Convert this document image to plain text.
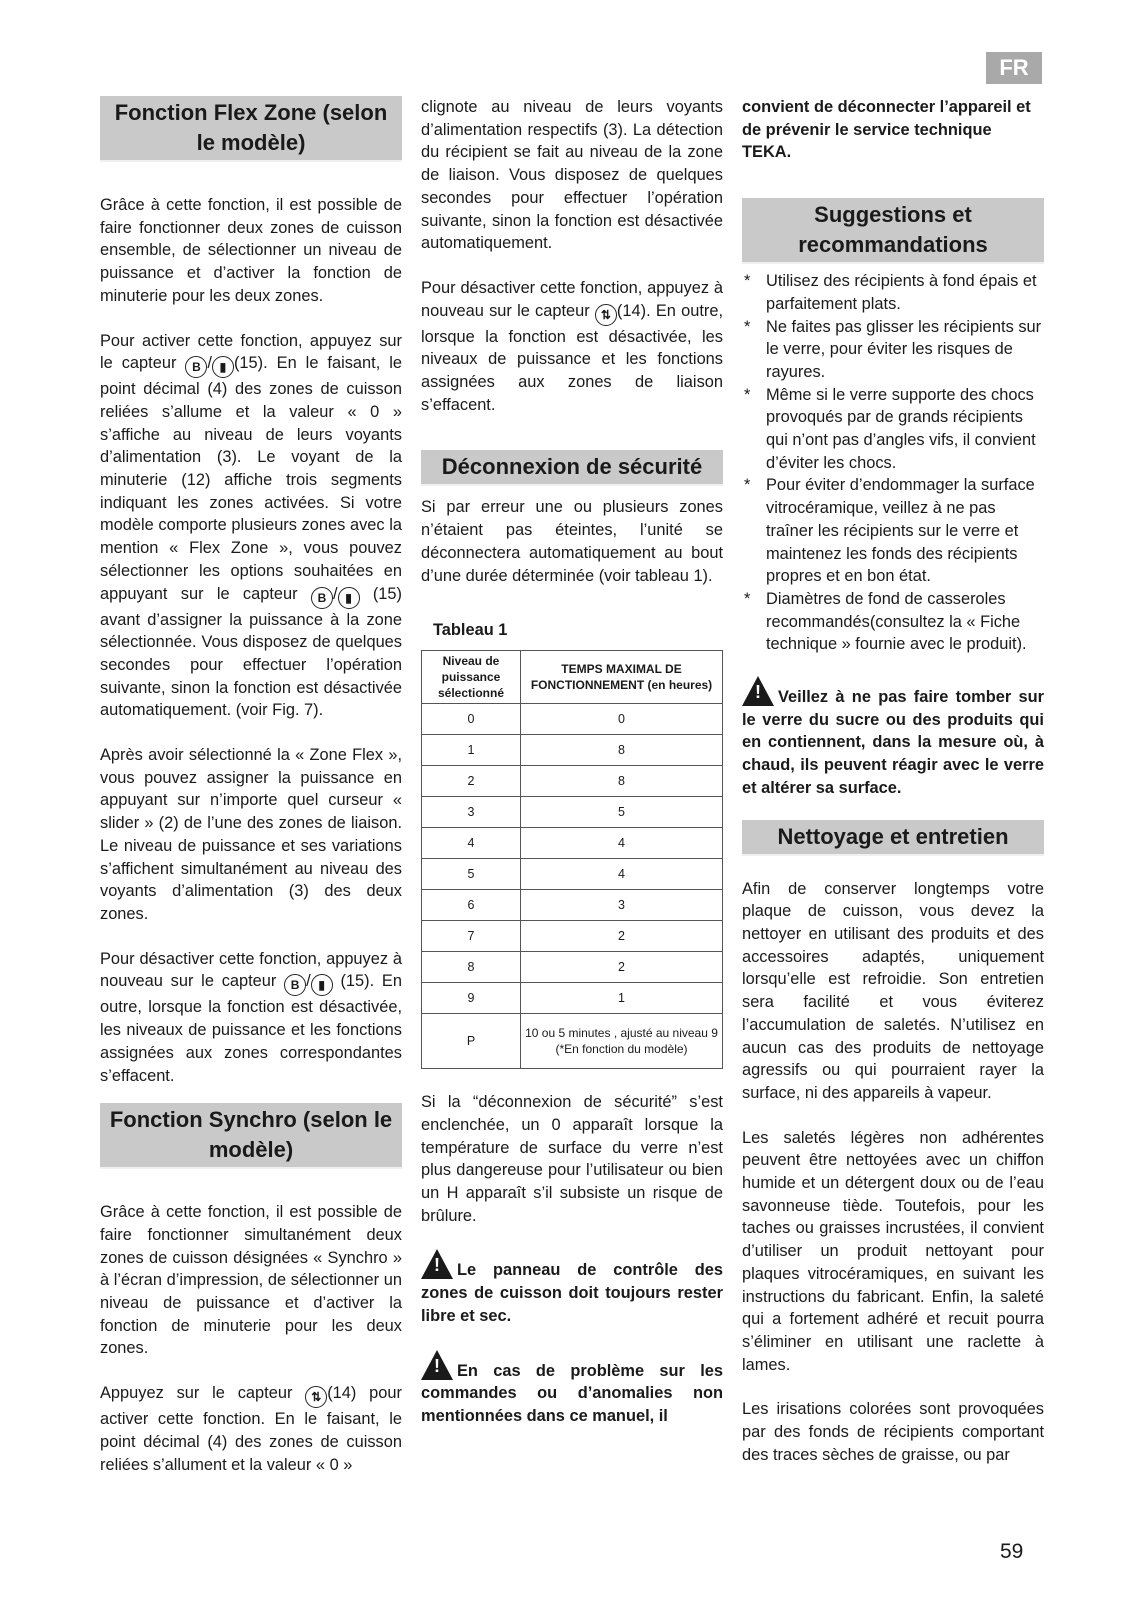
FR
Fonction Flex Zone (selon le modèle)

Grâce à cette fonction, il est possible de faire fonctionner deux zones de cuisson ensemble, de sélectionner un niveau de puissance et d’activer la fonction de minuterie pour les deux zones.

Pour activer cette fonction, appuyez sur le capteur B / ▮ (15). En le faisant, le point décimal (4) des zones de cuisson reliées s’allume et la valeur « 0 » s’affiche au niveau de leurs voyants d’alimentation (3). Le voyant de la minuterie (12) affiche trois segments indiquant les zones activées. Si votre modèle comporte plusieurs zones avec la mention « Flex Zone », vous pouvez sélectionner les options souhaitées en appuyant sur le capteur B / ▮ (15) avant d’assigner la puissance à la zone sélectionnée. Vous disposez de quelques secondes pour effectuer l’opération suivante, sinon la fonction est désactivée automatiquement. (voir Fig. 7).

Après avoir sélectionné la « Zone Flex », vous pouvez assigner la puissance en appuyant sur n’importe quel curseur « slider » (2) de l’une des zones de liaison. Le niveau de puissance et ses variations s’affichent simultanément au niveau des voyants d’alimentation (3) des deux zones.

Pour désactiver cette fonction, appuyez à nouveau sur le capteur B / ▮ (15). En outre, lorsque la fonction est désactivée, les niveaux de puissance et les fonctions assignées aux zones correspondantes s’effacent.

Fonction Synchro (selon le modèle)

Grâce à cette fonction, il est possible de faire fonctionner simultanément deux zones de cuisson désignées « Synchro » à l’écran d’impression, de sélectionner un niveau de puissance et d’activer la fonction de minuterie pour les deux zones.

Appuyez sur le capteur ⇅ (14) pour activer cette fonction. En le faisant, le point décimal (4) des zones de cuisson reliées s’allument et la valeur « 0 »

clignote au niveau de leurs voyants d’alimentation respectifs (3). La détection du récipient se fait au niveau de la zone de liaison. Vous disposez de quelques secondes pour effectuer l’opération suivante, sinon la fonction est désactivée automatiquement.

Pour désactiver cette fonction, appuyez à nouveau sur le capteur ⇅ (14). En outre, lorsque la fonction est désactivée, les niveaux de puissance et les fonctions assignées aux zones de liaison s’effacent.

Déconnexion de sécurité

Si par erreur une ou plusieurs zones n’étaient pas éteintes, l’unité se déconnectera automatiquement au bout d’une durée déterminée (voir tableau 1).

Tableau 1
Niveau de puissance sélectionné	TEMPS MAXIMAL DE FONCTIONNEMENT (en heures)
0	0
1	8
2	8
3	5
4	4
5	4
6	3
7	2
8	2
9	1
P	10 ou 5 minutes , ajusté au niveau 9 (*En fonction du modèle)

Si la “déconnexion de sécurité” s’est enclenchée, un 0 apparaît lorsque la température de surface du verre n’est plus dangereuse pour l’utilisateur ou bien un H apparaît s’il subsiste un risque de brûlure.

!Le panneau de contrôle des zones de cuisson doit toujours rester libre et sec.

!En cas de problème sur les commandes ou d’anomalies non mentionnées dans ce manuel, il

convient de déconnecter l’appareil et de prévenir le service technique TEKA.

Suggestions et recommandations
* Utilisez des récipients à fond épais et parfaitement plats.
* Ne faites pas glisser les récipients sur le verre, pour éviter les risques de rayures.
* Même si le verre supporte des chocs provoqués par de grands récipients qui n’ont pas d’angles vifs, il convient d’éviter les chocs.
* Pour éviter d’endommager la surface vitrocéramique, veillez à ne pas traîner les récipients sur le verre et maintenez les fonds des récipients propres et en bon état.
* Diamètres de fond de casseroles recommandés(consultez la « Fiche technique » fournie avec le produit).

!Veillez à ne pas faire tomber sur le verre du sucre ou des produits qui en contiennent, dans la mesure où, à chaud, ils peuvent réagir avec le verre et altérer sa surface.

Nettoyage et entretien

Afin de conserver longtemps votre plaque de cuisson, vous devez la nettoyer en utilisant des produits et des accessoires adaptés, uniquement lorsqu’elle est refroidie. Son entretien sera facilité et vous éviterez l’accumulation de saletés. N’utilisez en aucun cas des produits de nettoyage agressifs ou qui pourraient rayer la surface, ni des appareils à vapeur.

Les saletés légères non adhérentes peuvent être nettoyées avec un chiffon humide et un détergent doux ou de l’eau savonneuse tiède. Toutefois, pour les taches ou graisses incrustées, il convient d’utiliser un produit nettoyant pour plaques vitrocéramiques, en suivant les instructions du fabricant. Enfin, la saleté qui a fortement adhéré et recuit pourra s’éliminer en utilisant une raclette à lames.

Les irisations colorées sont provoquées par des fonds de récipients comportant des traces sèches de graisse, ou par

59
